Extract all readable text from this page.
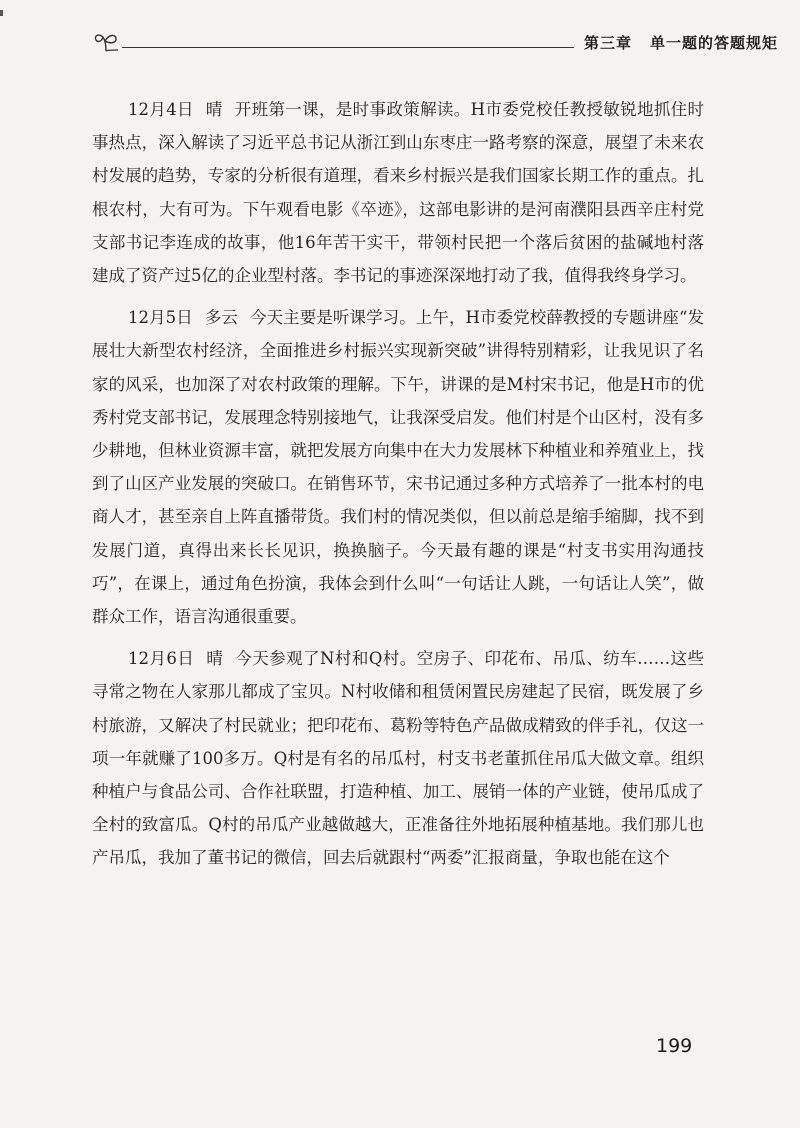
第三章 单一题的答题规矩

12月4日 晴 开班第一课，是时事政策解读。H市委党校任教授敏锐地抓住时事热点，深入解读了习近平总书记从浙江到山东枣庄一路考察的深意，展望了未来农村发展的趋势，专家的分析很有道理，看来乡村振兴是我们国家长期工作的重点。扎根农村，大有可为。下午观看电影《卒迹》，这部电影讲的是河南濮阳县西辛庄村党支部书记李连成的故事，他16年苦干实干，带领村民把一个落后贫困的盐碱地村落建成了资产过5亿的企业型村落。李书记的事迹深深地打动了我，值得我终身学习。

12月5日 多云 今天主要是听课学习。上午，H市委党校薛教授的专题讲座“发展壮大新型农村经济，全面推进乡村振兴实现新突破”讲得特别精彩，让我见识了名家的风采，也加深了对农村政策的理解。下午，讲课的是M村宋书记，他是H市的优秀村党支部书记，发展理念特别接地气，让我深受启发。他们村是个山区村，没有多少耕地，但林业资源丰富，就把发展方向集中在大力发展林下种植业和养殖业上，找到了山区产业发展的突破口。在销售环节，宋书记通过多种方式培养了一批本村的电商人才，甚至亲自上阵直播带货。我们村的情况类似，但以前总是缩手缩脚，找不到发展门道，真得出来长长见识，换换脑子。今天最有趣的课是“村支书实用沟通技巧”，在课上，通过角色扮演，我体会到什么叫“一句话让人跳，一句话让人笑”，做群众工作，语言沟通很重要。

12月6日 晴 今天参观了N村和Q村。空房子、印花布、吊瓜、纺车……这些寻常之物在人家那儿都成了宝贝。N村收储和租赁闲置民房建起了民宿，既发展了乡村旅游，又解决了村民就业；把印花布、葛粉等特色产品做成精致的伴手礼，仅这一项一年就赚了100多万。Q村是有名的吊瓜村，村支书老董抓住吊瓜大做文章。组织种植户与食品公司、合作社联盟，打造种植、加工、展销一体的产业链，使吊瓜成了全村的致富瓜。Q村的吊瓜产业越做越大，正准备往外地拓展种植基地。我们那儿也产吊瓜，我加了董书记的微信，回去后就跟村“两委”汇报商量，争取也能在这个

199
